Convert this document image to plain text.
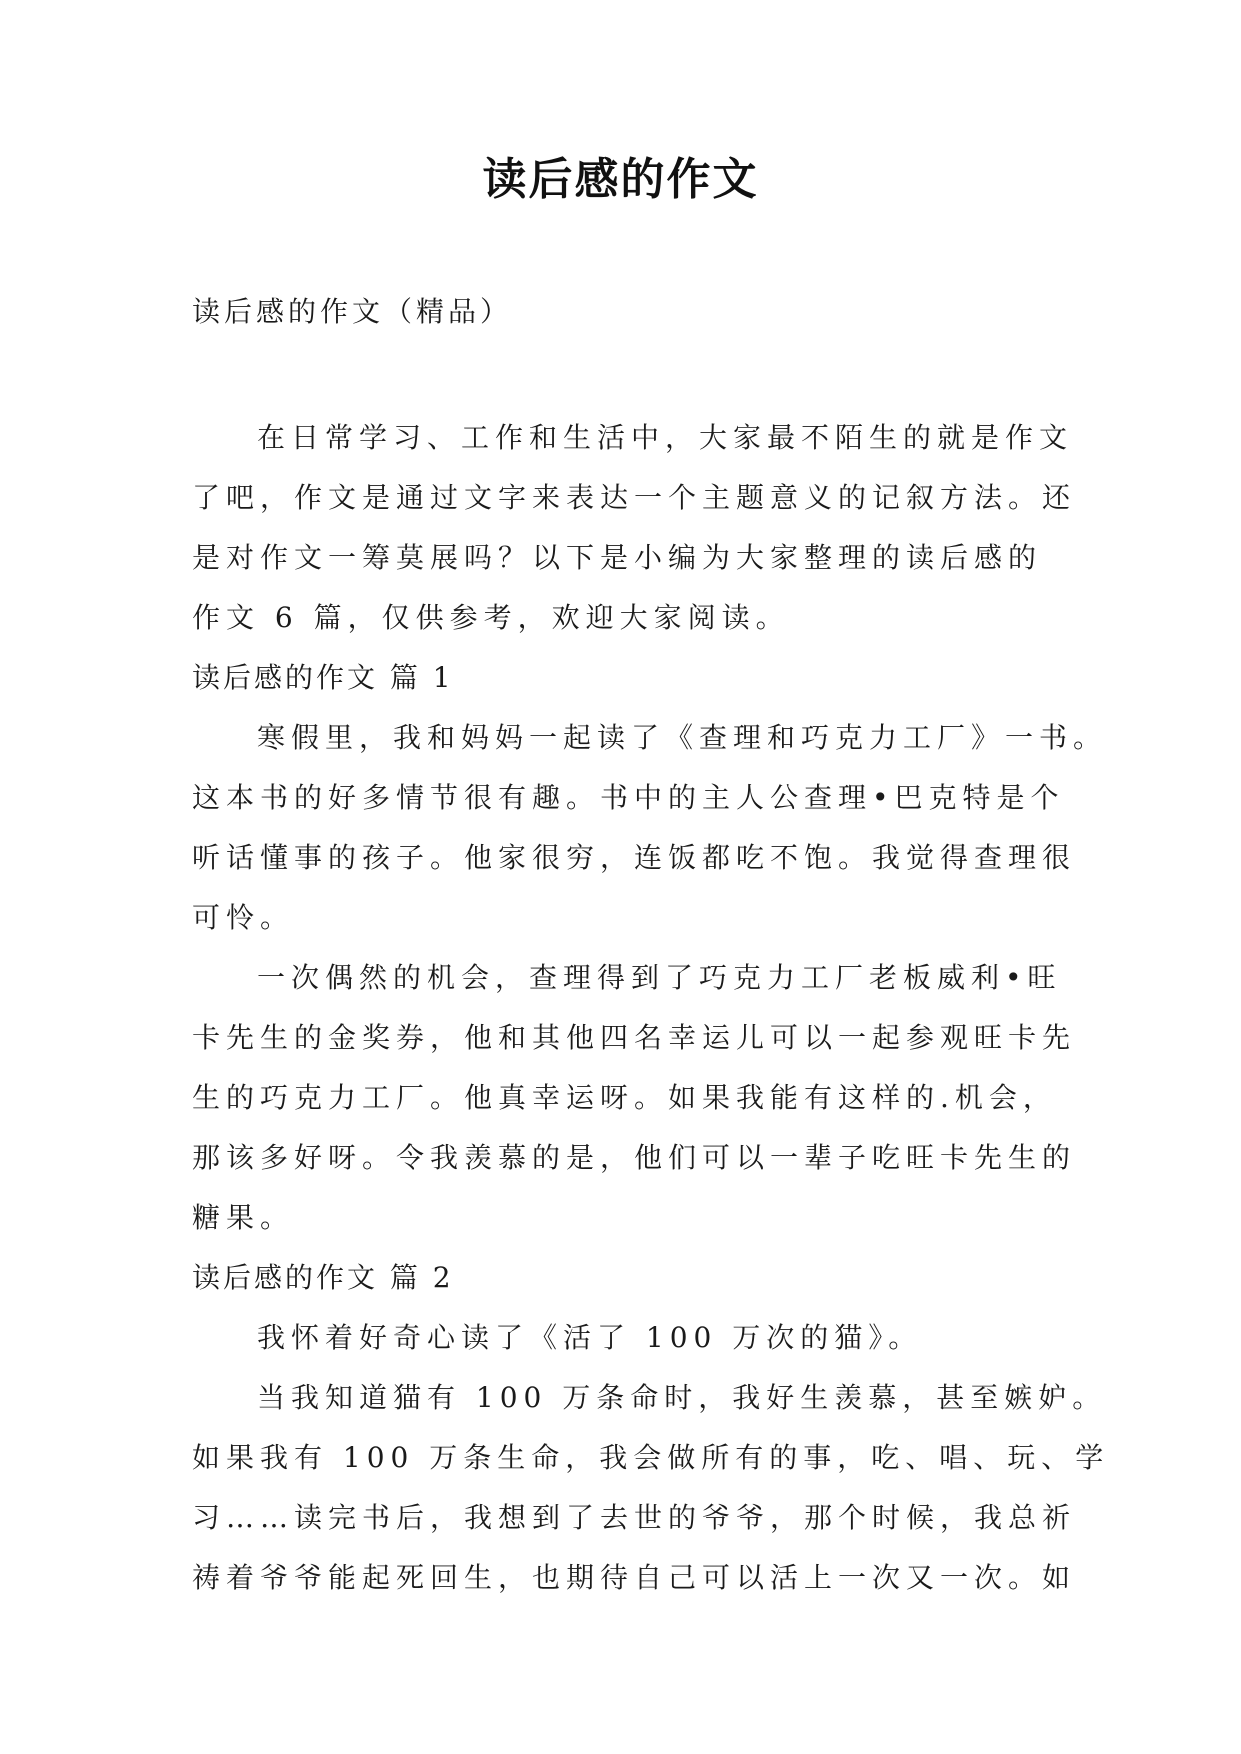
读后感的作文
读后感的作文（精品）
在日常学习、工作和生活中，大家最不陌生的就是作文
了吧，作文是通过文字来表达一个主题意义的记叙方法。还
是对作文一筹莫展吗？以下是小编为大家整理的读后感的
作文 6 篇，仅供参考，欢迎大家阅读。
读后感的作文 篇 1
寒假里，我和妈妈一起读了《查理和巧克力工厂》一书。
这本书的好多情节很有趣。书中的主人公查理•巴克特是个
听话懂事的孩子。他家很穷，连饭都吃不饱。我觉得查理很
可怜。
一次偶然的机会，查理得到了巧克力工厂老板威利•旺
卡先生的金奖券，他和其他四名幸运儿可以一起参观旺卡先
生的巧克力工厂。他真幸运呀。如果我能有这样的.机会，
那该多好呀。令我羡慕的是，他们可以一辈子吃旺卡先生的
糖果。
读后感的作文 篇 2
我怀着好奇心读了《活了 100 万次的猫》。
当我知道猫有 100 万条命时，我好生羡慕，甚至嫉妒。
如果我有 100 万条生命，我会做所有的事，吃、唱、玩、学
习……读完书后，我想到了去世的爷爷，那个时候，我总祈
祷着爷爷能起死回生，也期待自己可以活上一次又一次。如
